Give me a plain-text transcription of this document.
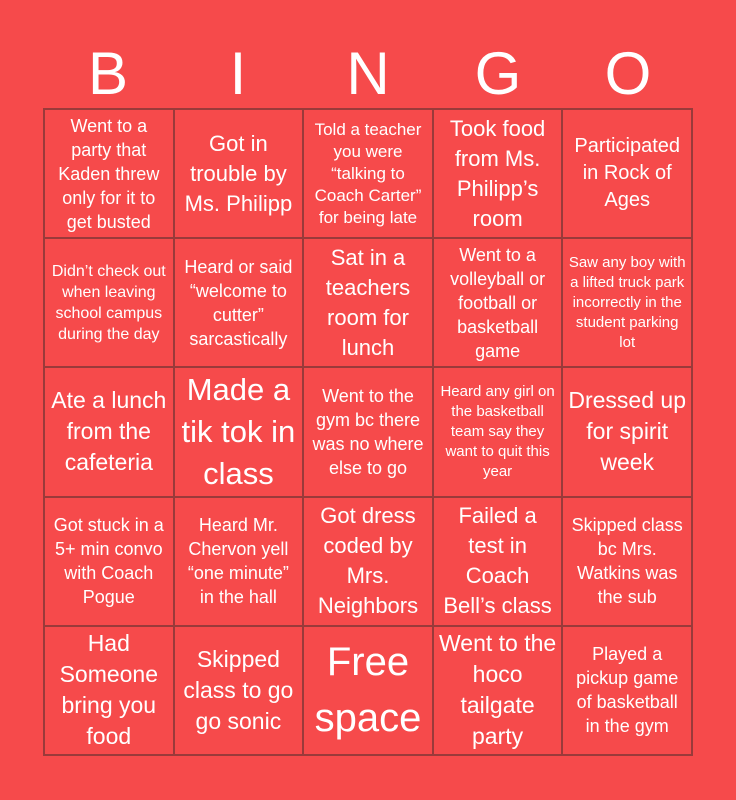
B	I	N	G	O
Went to a party that Kaden threw only for it to get busted
Got in trouble by Ms. Philipp
Told a teacher you were “talking to Coach Carter” for being late
Took food from Ms. Philipp’s room
Participated in Rock of Ages
Didn’t check out when leaving school campus during the day
Heard or said “welcome to cutter” sarcastically
Sat in a teachers room for lunch
Went to a volleyball or football or basketball game
Saw any boy with a lifted truck park incorrectly in the student parking lot
Ate a lunch from the cafeteria
Made a tik tok in class
Went to the gym bc there was no where else to go
Heard any girl on the basketball team say they want to quit this year
Dressed up for spirit week
Got stuck in a 5+ min convo with Coach Pogue
Heard Mr. Chervon yell “one minute” in the hall
Got dress coded by Mrs. Neighbors
Failed a test in Coach Bell’s class
Skipped class bc Mrs. Watkins was the sub
Had Someone bring you food
Skipped class to go go sonic
Free space
Went to the hoco tailgate party
Played a pickup game of basketball in the gym
